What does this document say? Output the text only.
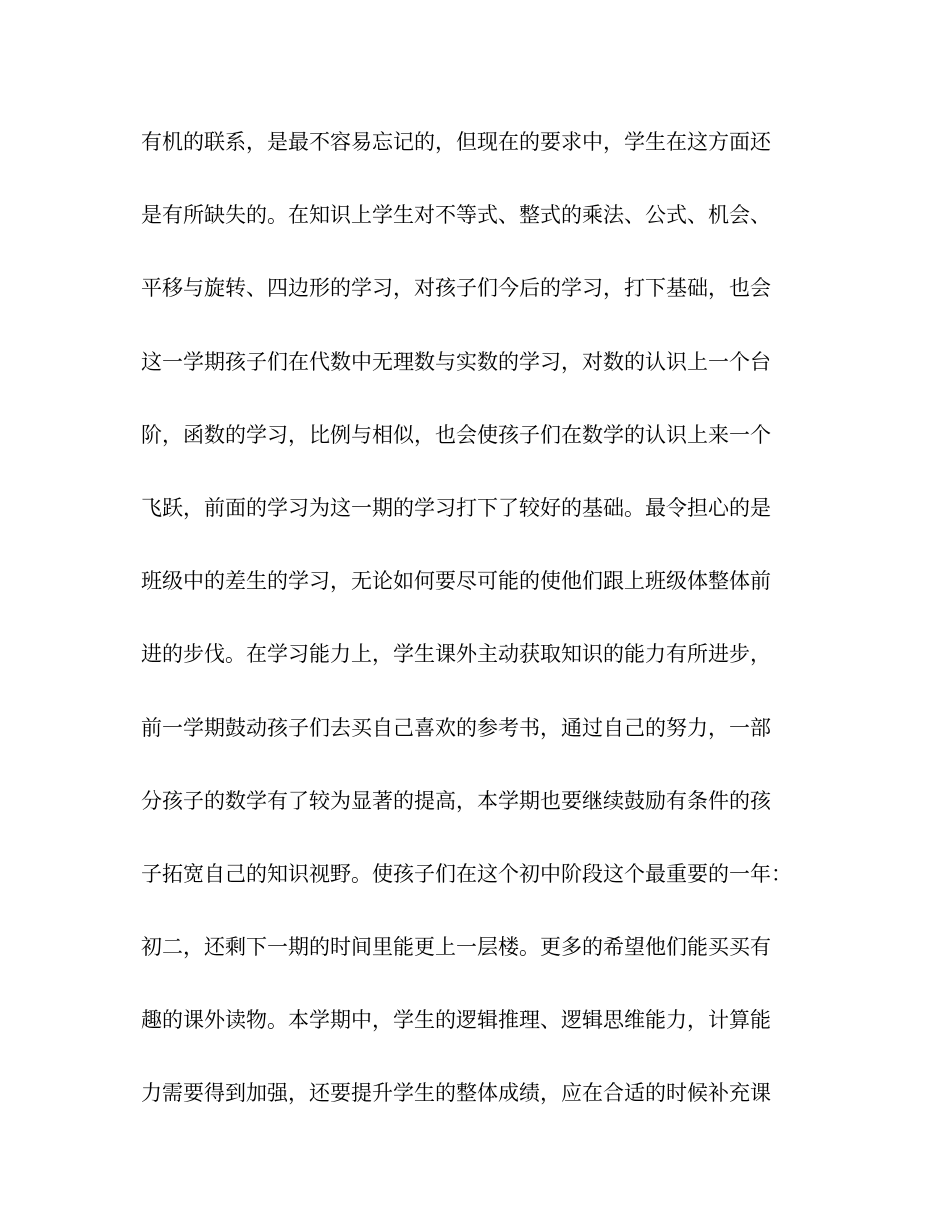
有机的联系，是最不容易忘记的，但现在的要求中，学生在这方面还
是有所缺失的。在知识上学生对不等式、整式的乘法、公式、机会、
平移与旋转、四边形的学习，对孩子们今后的学习，打下基础，也会
这一学期孩子们在代数中无理数与实数的学习，对数的认识上一个台
阶，函数的学习，比例与相似，也会使孩子们在数学的认识上来一个
飞跃，前面的学习为这一期的学习打下了较好的基础。最令担心的是
班级中的差生的学习，无论如何要尽可能的使他们跟上班级体整体前
进的步伐。在学习能力上，学生课外主动获取知识的能力有所进步，
前一学期鼓动孩子们去买自己喜欢的参考书，通过自己的努力，一部
分孩子的数学有了较为显著的提高，本学期也要继续鼓励有条件的孩
子拓宽自己的知识视野。使孩子们在这个初中阶段这个最重要的一年：
初二，还剩下一期的时间里能更上一层楼。更多的希望他们能买买有
趣的课外读物。本学期中，学生的逻辑推理、逻辑思维能力，计算能
力需要得到加强，还要提升学生的整体成绩，应在合适的时候补充课
